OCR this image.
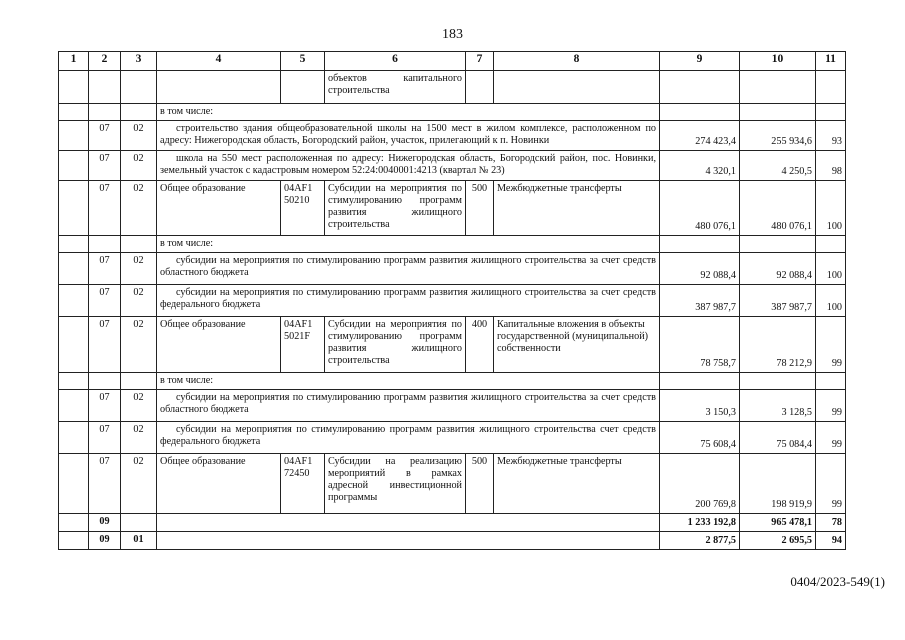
183
1	2	3	4	5	6	7	8	9	10	11
					объектов капитального строительства					
			в том числе:							
	07	02	строительство здания общеобразовательной школы на 1500 мест в жилом комплексе, расположенном по адресу: Нижегородская область, Богородский район, участок, прилегающий к п. Новинки					274 423,4	255 934,6	93
	07	02	школа на 550 мест расположенная по адресу: Нижегородская область, Богородский район, пос. Новинки, земельный участок с кадастровым номером 52:24:0040001:4213 (квартал № 23)					4 320,1	4 250,5	98
	07	02	Общее образование	04AF1 50210	Субсидии на мероприятия по стимулированию программ развития жилищного строительства	500	Межбюджетные трансферты	480 076,1	480 076,1	100
			в том числе:							
	07	02	субсидии на мероприятия по стимулированию программ развития жилищного строительства за счет средств областного бюджета					92 088,4	92 088,4	100
	07	02	субсидии на мероприятия по стимулированию программ развития жилищного строительства за счет средств федерального бюджета					387 987,7	387 987,7	100
	07	02	Общее образование	04AF1 5021F	Субсидии на мероприятия по стимулированию программ развития жилищного строительства	400	Капитальные вложения в объекты государственной (муниципальной) собственности	78 758,7	78 212,9	99
			в том числе:							
	07	02	субсидии на мероприятия по стимулированию программ развития жилищного строительства за счет средств областного бюджета					3 150,3	3 128,5	99
	07	02	субсидии на мероприятия по стимулированию программ развития жилищного строительства счет средств федерального бюджета					75 608,4	75 084,4	99
	07	02	Общее образование	04AF1 72450	Субсидии на реализацию мероприятий в рамках адресной инвестиционной программы	500	Межбюджетные трансферты	200 769,8	198 919,9	99
	09							1 233 192,8	965 478,1	78
	09	01						2 877,5	2 695,5	94
0404/2023-549(1)
